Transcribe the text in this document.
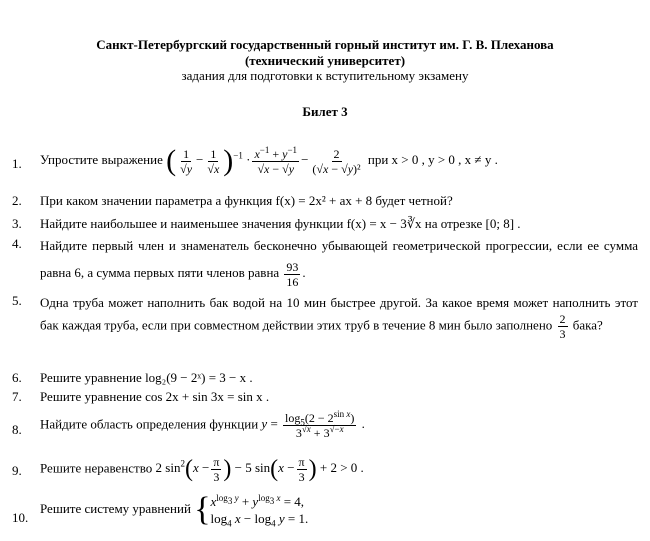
Санкт-Петербургский государственный горный институт им. Г. В. Плеханова
(технический университет)
задания для подготовки к вступительному экзамену
Билет 3
1. Упростите выражение ( $\frac{1}{√y} - \frac{1}{√x} )^{-1} \cdot \frac{x^{-1} + y^{-1}}{√x - √y} - \frac{2}{\text{(√x − √y)²}}$ при x > 0 , y > 0 , x ≠ y .
2. При каком значении параметра a функция f(x) = 2x² + ax + 8 будет четной?
3. Найдите наибольшее и наименьшее значения функции f(x) = x − 3∛x на отрезке [0; 8] .
4. Найдите первый член и знаменатель бесконечно убывающей геометрической прогрессии, если ее сумма равна 6, а сумма первых пяти членов равна $\frac{93}{16}$ .
5. Одна труба может наполнить бак водой на 10 мин быстрее другой. За какое время может наполнить этот бак каждая труба, если при совместном действии этих труб в течение 8 мин было заполнено $\frac{2}{3}$ бака?
6. Решите уравнение log₂(9 − 2ˣ) = 3 − x .
7. Решите уравнение cos 2x + sin 3x = sin x .
8. Найдите область определения функции $y = \frac{\log_5(2 - 2^{sin x})}{3^{√x} + 3^{√-x}}$ .
9. Решите неравенство 2 $\sin^2(x - \frac{\pi}{3}$ ) − 5 $\sin(x - \frac{\pi}{3}$ ) + 2 > 0 .
10.
Решите систему уравнений { $x^{log_3 y} + y^{log_3 x} = 4$,
$\log_4 x - \log_4 y = 1$.
